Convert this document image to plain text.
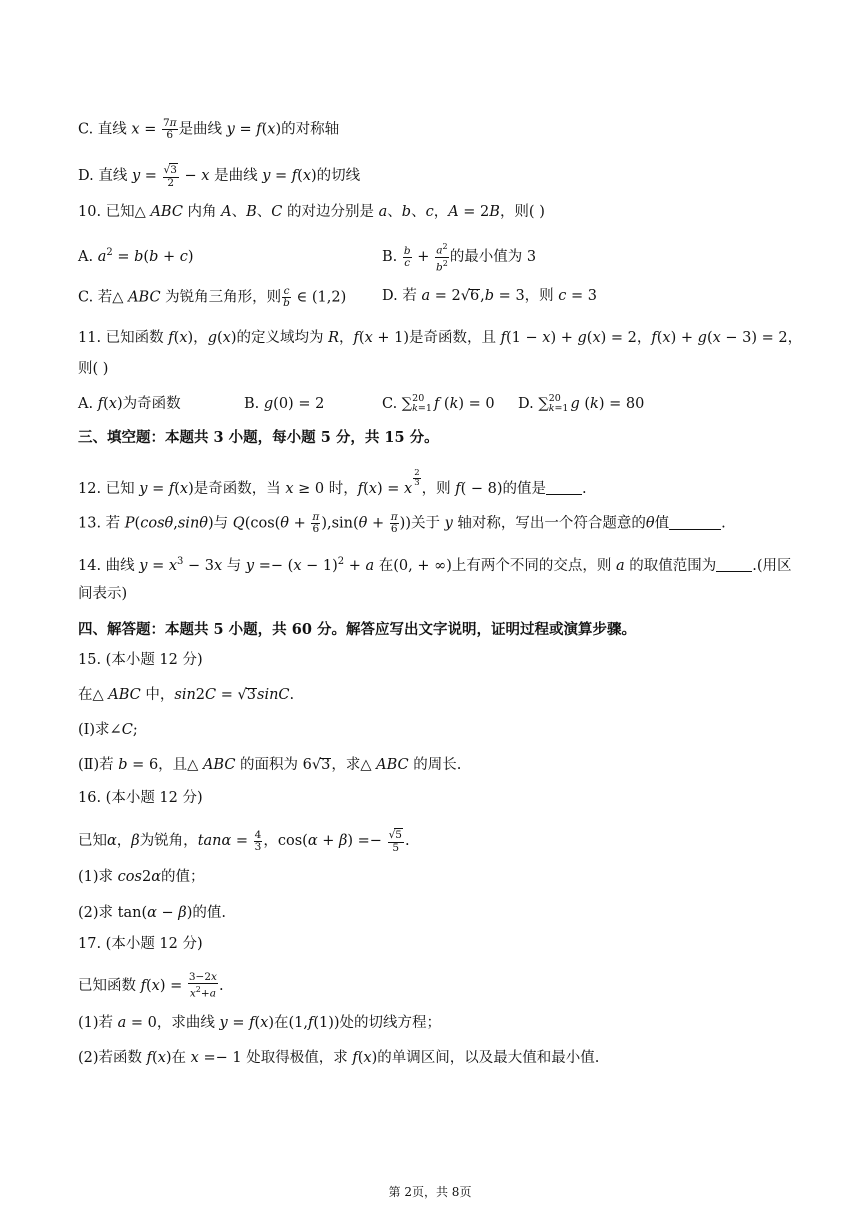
C. 直线 $x = \frac{7\pi}{6}$ 是曲线 y = f(x)的对称轴
D. 直线 $y = \frac{√3}{2} - x$ 是曲线 y = f(x)的切线
10. 已知△ ABC 内角 A、B、C 的对边分别是 a、b、c，A = 2B，则( )
A. $a^2 = b(b + c)$	B. $\frac{b}{c} + \frac{a^2}{b^2}$ 的最小值为 3
C. 若△ ABC 为锐角三角形，则 $\frac{c}{b}$ ∈ (1,2) D. 若 a = 2√6,b = 3，则 c = 3
11. 已知函数 f(x)，g(x)的定义域均为 R，f(x + 1)是奇函数，且 f(1 − x) + g(x) = 2，f(x) + g(x − 3) = 2，
则( )
A. f(x)为奇函数	B. g(0) = 2	C. ∑ 20
k=1 f (k) = 0 D. ∑ 20
k=1 g (k) = 80
三、填空题：本题共 3 小题，每小题 5 分，共 15 分。
12. 已知 y = f(x)是奇函数，当 x ≥ 0 时，f(x) = x
$\frac{2}{3}$
，则 f( − 8)的值是 .
13. 若 P(cosθ,sinθ)与 $Q(\cos(\theta + \frac{\pi}{6} ),\sin(\theta + \frac{\pi}{6}$ ))关于 y 轴对称，写出一个符合题意的θ值	.
14. 曲线 $y = x^3 - 3x$ 与 $y =- (x - 1)^2 + a$ 在(0, + ∞)上有两个不同的交点，则 a 的取值范围为 .(用区
间表示)
四、解答题：本题共 5 小题，共 60 分。解答应写出文字说明，证明过程或演算步骤。
15. (本小题 12 分)
在△ ABC 中，sin2C = √3sinC.
(Ⅰ)求∠C;
(Ⅱ)若 b = 6，且△ ABC 的面积为 6√3，求△ ABC 的周长.
16. (本小题 12 分)
已知α，β为锐角，$\tan\alpha = \frac{4}{3}$ ，$\cos(\alpha + \beta) =- \frac{√5}{5}$ .
(1)求 cos2α的值；
(2)求 tan(α − β)的值.
17. (本小题 12 分)
已知函数 $f(x) = \frac{3-2x}{x^2+a}$ .
(1)若 a = 0，求曲线 y = f(x)在(1,f(1))处的切线方程；
(2)若函数 f(x)在 x =− 1 处取得极值，求 f(x)的单调区间，以及最大值和最小值.
第 2页，共 8页
